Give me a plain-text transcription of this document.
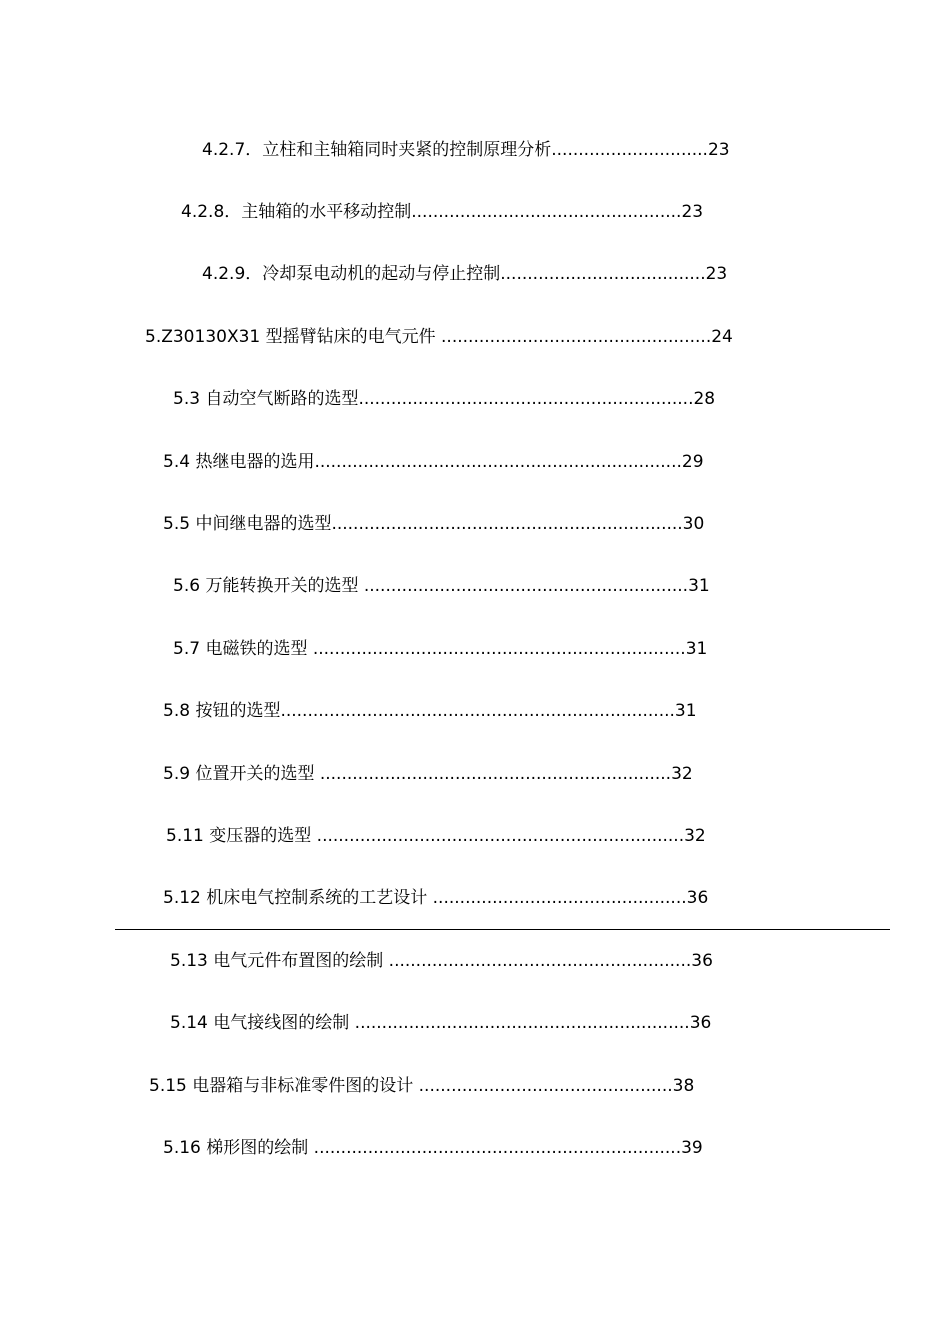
4.2.7．立柱和主轴箱同时夹紧的控制原理分析.............................23
4.2.8．主轴箱的水平移动控制..................................................23
4.2.9．冷却泵电动机的起动与停止控制......................................23
5.Z30130X31 型摇臂钻床的电气元件 ..................................................24
5.3 自动空气断路的选型..............................................................28
5.4 热继电器的选用....................................................................29
5.5 中间继电器的选型.................................................................30
5.6 万能转换开关的选型 ............................................................31
5.7 电磁铁的选型 .....................................................................31
5.8 按钮的选型.........................................................................31
5.9 位置开关的选型 .................................................................32
5.11 变压器的选型 ....................................................................32
5.12 机床电气控制系统的工艺设计 ...............................................36
5.13 电气元件布置图的绘制 ........................................................36
5.14 电气接线图的绘制 ..............................................................36
5.15 电器箱与非标准零件图的设计 ...............................................38
5.16 梯形图的绘制 ....................................................................39
